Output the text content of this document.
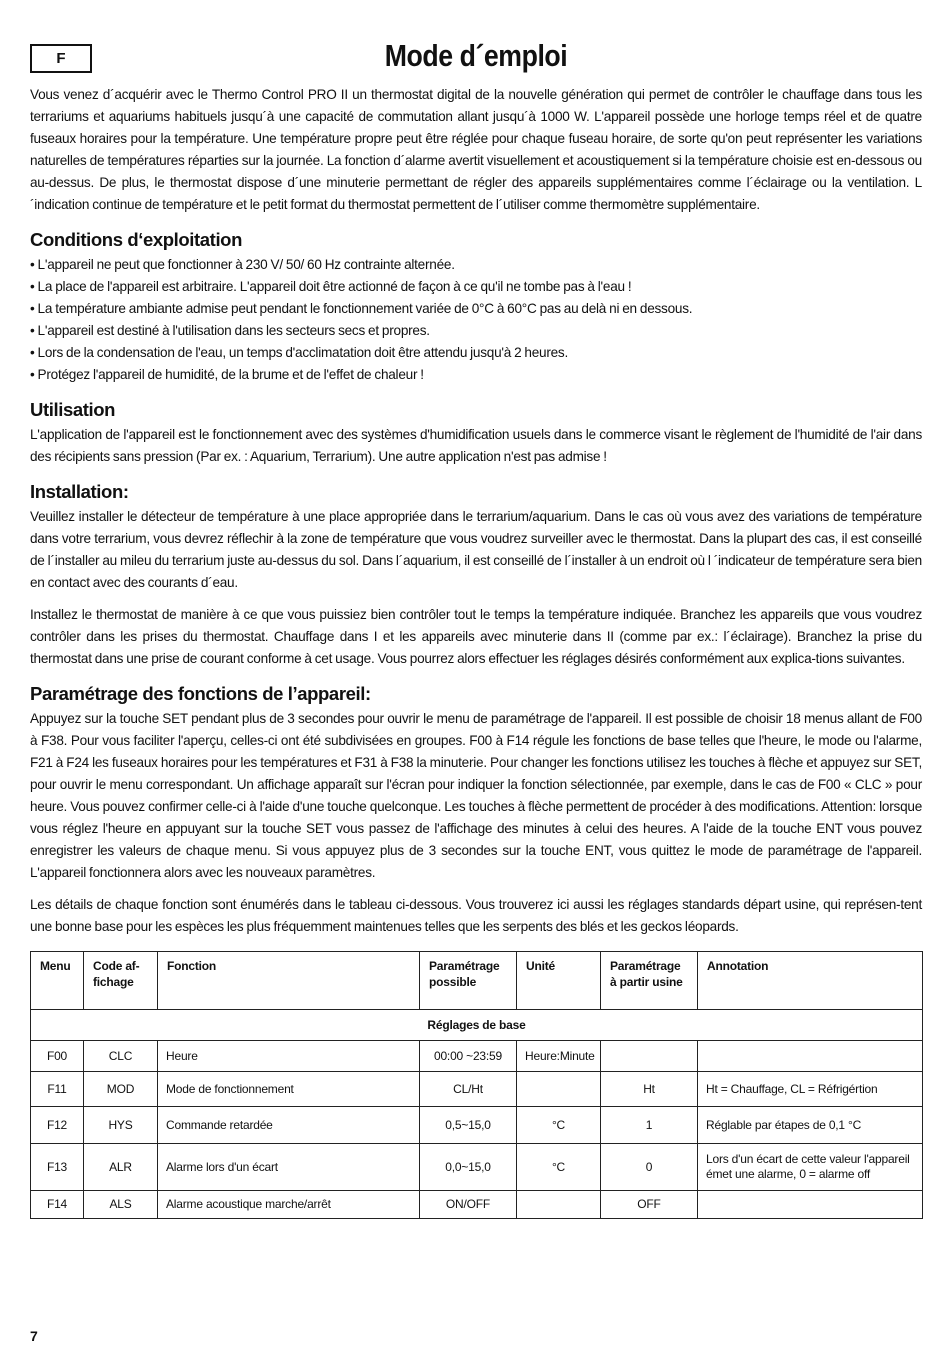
F	Mode d´emploi

Vous venez d´acquérir avec le Thermo Control PRO II un thermostat digital de la nouvelle génération qui permet de contrôler le chauffage dans tous les terrariums et aquariums habituels jusqu´à une capacité de commutation allant jusqu´à 1000 W. L'appareil possède une horloge temps réel et de quatre fuseaux horaires pour la température. Une température propre peut être réglée pour chaque fuseau horaire, de sorte qu'on peut représenter les variations naturelles de températures réparties sur la journée. La fonction d´alarme avertit visuellement et acoustiquement si la température choisie est en-dessous ou au-dessus. De plus, le thermostat dispose d´une minuterie permettant de régler des appareils supplémentaires comme l´éclairage ou la ventilation. L´indication continue de température et le petit format du thermostat permettent de l´utiliser comme thermomètre supplémentaire.

Conditions d‘exploitation
• L'appareil ne peut que fonctionner à 230 V/ 50/ 60 Hz contrainte alternée.
• La place de l'appareil est arbitraire. L'appareil doit être actionné de façon à ce qu'il ne tombe pas à l'eau !
• La température ambiante admise peut pendant le fonctionnement variée de 0°C à 60°C pas au delà ni en dessous.
• L'appareil est destiné à l'utilisation dans les secteurs secs et propres.
• Lors de la condensation de l'eau, un temps d'acclimatation doit être attendu jusqu'à 2 heures.
• Protégez l'appareil de humidité, de la brume et de l'effet de chaleur !
Utilisation

L'application de l'appareil est le fonctionnement avec des systèmes d'humidification usuels dans le commerce visant le règlement de l'humidité de l'air dans des récipients sans pression (Par ex. : Aquarium, Terrarium). Une autre application n'est pas admise !

Installation:

Veuillez installer le détecteur de température à une place appropriée dans le terrarium/aquarium. Dans le cas où vous avez des variations de température dans votre terrarium, vous devrez réflechir à la zone de température que vous voudrez surveiller avec le thermostat. Dans la plupart des cas, il est conseillé de l´installer au mileu du terrarium juste au-dessus du sol. Dans l´aquarium, il est conseillé de l´installer à un endroit où l ´indicateur de température sera bien en contact avec des courants d´eau.

Installez le thermostat de manière à ce que vous puissiez bien contrôler tout le temps la température indiquée. Branchez les appareils que vous voudrez contrôler dans les prises du thermostat. Chauffage dans I et les appareils avec minuterie dans II (comme par ex.: l´éclairage). Branchez la prise du thermostat dans une prise de courant conforme à cet usage. Vous pourrez alors effectuer les réglages désirés conformément aux explica-tions suivantes.

Paramétrage des fonctions de l’appareil:

Appuyez sur la touche SET pendant plus de 3 secondes pour ouvrir le menu de paramétrage de l'appareil. Il est possible de choisir 18 menus allant de F00 à F38. Pour vous faciliter l'aperçu, celles-ci ont été subdivisées en groupes. F00 à F14 régule les fonctions de base telles que l'heure, le mode ou l'alarme, F21 à F24 les fuseaux horaires pour les températures et F31 à F38 la minuterie. Pour changer les fonctions utilisez les touches à flèche et appuyez sur SET, pour ouvrir le menu correspondant. Un affichage apparaît sur l'écran pour indiquer la fonction sélectionnée, par exemple, dans le cas de F00 « CLC » pour heure. Vous pouvez confirmer celle-ci à l'aide d'une touche quelconque. Les touches à flèche permettent de procéder à des modifications. Attention: lorsque vous réglez l'heure en appuyant sur la touche SET vous passez de l'affichage des minutes à celui des heures. A l'aide de la touche ENT vous pouvez enregistrer les valeurs de chaque menu. Si vous appuyez plus de 3 secondes sur la touche ENT, vous quittez le mode de paramétrage de l'appareil. L'appareil fonctionnera alors avec les nouveaux paramètres.

Les détails de chaque fonction sont énumérés dans le tableau ci-dessous. Vous trouverez ici aussi les réglages standards départ usine, qui représen-tent une bonne base pour les espèces les plus fréquemment maintenues telles que les serpents des blés et les geckos léopards.

Menu	Code af-fichage	Fonction	Paramétrage possible	Unité	Paramétrage à partir usine	Annotation
Réglages de base						
F00	CLC	Heure	00:00 ~23:59	Heure:Minute		
F11	MOD	Mode de fonctionnement	CL/Ht		Ht	Ht = Chauffage, CL = Réfrigértion
F12	HYS	Commande retardée	0,5~15,0	°C	1	Réglable par étapes de 0,1 °C
F13	ALR	Alarme lors d'un écart	0,0~15,0	°C	0	Lors d'un écart de cette valeur l'appareil émet une alarme, 0 = alarme off
F14	ALS	Alarme acoustique marche/arrêt	ON/OFF		OFF	
7
